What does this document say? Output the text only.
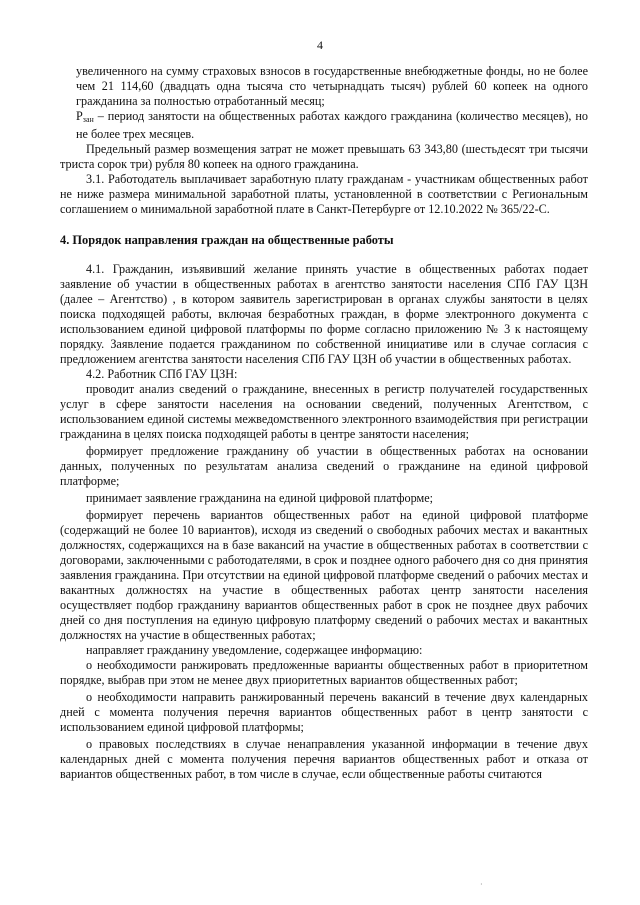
4

увеличенного на сумму страховых взносов в государственные внебюджетные фонды, но не более чем 21 114,60 (двадцать одна тысяча сто четырнадцать тысяч) рублей 60 копеек на одного гражданина за полностью отработанный месяц;

$P_{зан}$ – период занятости на общественных работах каждого гражданина (количество месяцев), но не более трех месяцев.

Предельный размер возмещения затрат не может превышать 63 343,80 (шестьдесят три тысячи триста сорок три) рубля 80 копеек на одного гражданина.

3.1. Работодатель выплачивает заработную плату гражданам - участникам общественных работ не ниже размера минимальной заработной платы, установленной в соответствии с Региональным соглашением о минимальной заработной плате в Санкт-Петербурге от 12.10.2022 № 365/22-С.

4. Порядок направления граждан на общественные работы

4.1. Гражданин, изъявивший желание принять участие в общественных работах подает заявление об участии в общественных работах в агентство занятости населения СПб ГАУ ЦЗН (далее – Агентство) , в котором заявитель зарегистрирован в органах службы занятости в целях поиска подходящей работы, включая безработных граждан, в форме электронного документа с использованием единой цифровой платформы по форме согласно приложению № 3 к настоящему порядку. Заявление подается гражданином по собственной инициативе или в случае согласия с предложением агентства занятости населения СПб ГАУ ЦЗН об участии в общественных работах.

4.2. Работник СПб ГАУ ЦЗН:

проводит анализ сведений о гражданине, внесенных в регистр получателей государственных услуг в сфере занятости населения на основании сведений, полученных Агентством, с использованием единой системы межведомственного электронного взаимодействия при регистрации гражданина в целях поиска подходящей работы в центре занятости населения;

формирует предложение гражданину об участии в общественных работах на основании данных, полученных по результатам анализа сведений о гражданине на единой цифровой платформе;

принимает заявление гражданина на единой цифровой платформе;

формирует перечень вариантов общественных работ на единой цифровой платформе (содержащий не более 10 вариантов), исходя из сведений о свободных рабочих местах и вакантных должностях, содержащихся на в базе вакансий на участие в общественных работах в соответствии с договорами, заключенными с работодателями, в срок и позднее одного рабочего дня со дня принятия заявления гражданина. При отсутствии на единой цифровой платформе сведений о рабочих местах и вакантных должностях на участие в общественных работах центр занятости населения осуществляет подбор гражданину вариантов общественных работ в срок не позднее двух рабочих дней со дня поступления на единую цифровую платформу сведений о рабочих местах и вакантных должностях на участие в общественных работах;

направляет гражданину уведомление, содержащее информацию:

о необходимости ранжировать предложенные варианты общественных работ в приоритетном порядке, выбрав при этом не менее двух приоритетных вариантов общественных работ;

о необходимости направить ранжированный перечень вакансий в течение двух календарных дней с момента получения перечня вариантов общественных работ в центр занятости с использованием единой цифровой платформы;

о правовых последствиях в случае ненаправления указанной информации в течение двух календарных дней с момента получения перечня вариантов общественных работ и отказа от вариантов общественных работ, в том числе в случае, если общественные работы считаются

·
